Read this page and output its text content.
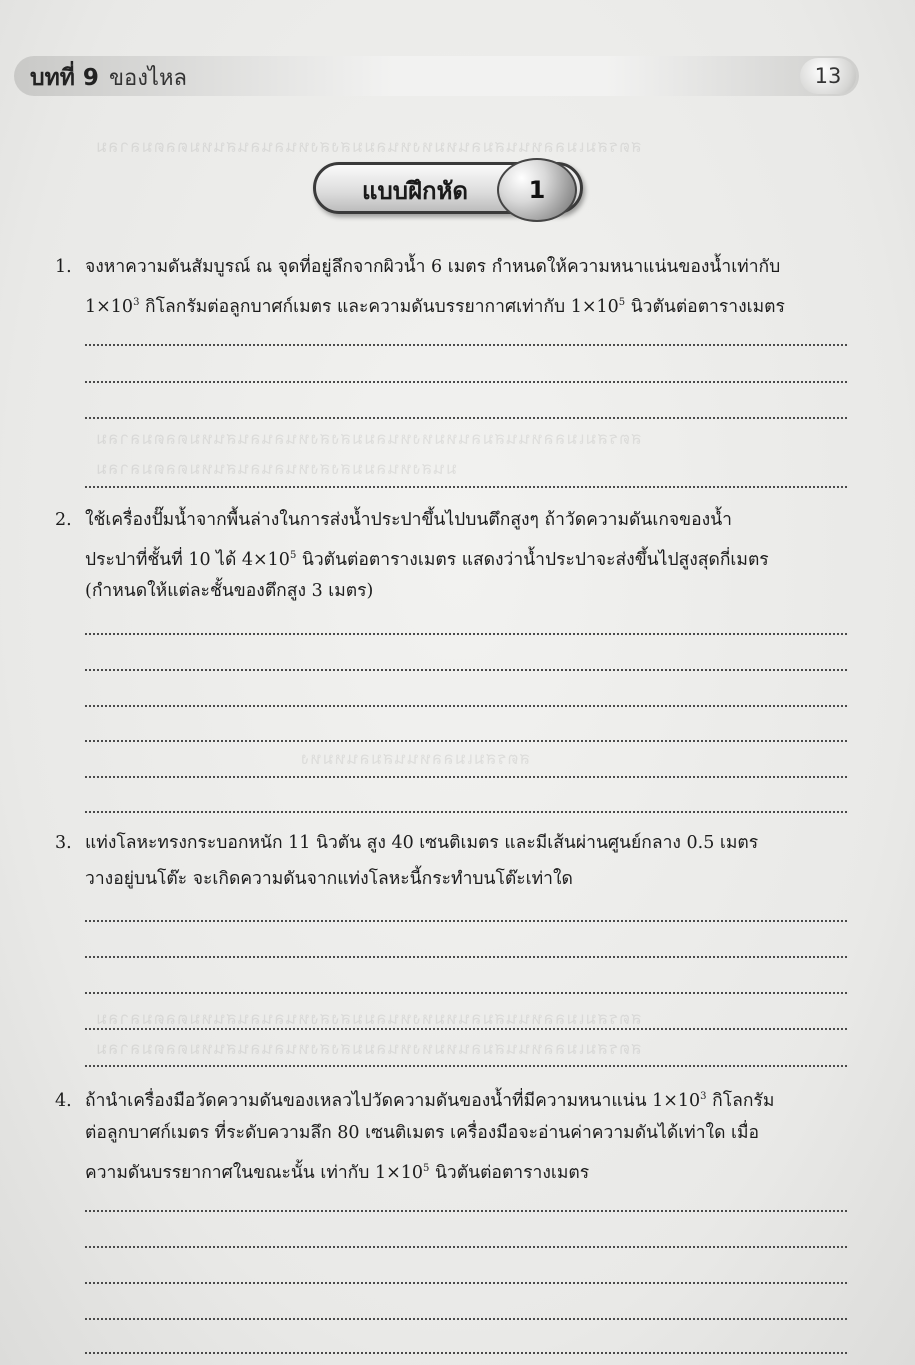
สตรสมเมลลหนนสมลนหมหงหนลมมสงสงหนลนลนสนหมตลตมลาลม
สตรสมเมลลหนนสมลนหมหงหนลมมสงสงหนลนลนสนหมตลตมลาลม
มนสงหนลมมสงสงหนลนลนสนหมตลตมลาลม
สตรสมเมลลหนนสมลนหมหง
สตรสมเมลลหนนสมลนหมหงหนลมมสงสงหนลนลนสนหมตลตมลาลม
สตรสมเมลลหนนสมลนหมหงหนลมมสงสงหนลนลนสนหมตลตมลาลม
บทที่ 9 ของไหล	13
แบบฝึกหัด	1
1. จงหาความดันสัมบูรณ์ ณ จุดที่อยู่ลึกจากผิวน้ำ 6 เมตร กำหนดให้ความหนาแน่นของน้ำเท่ากับ
$1\times 10^3$ กิโลกรัมต่อลูกบาศก์เมตร และความดันบรรยากาศเท่ากับ $1\times 10^5$ นิวตันต่อตารางเมตร
2. ใช้เครื่องปั๊มน้ำจากพื้นล่างในการส่งน้ำประปาขึ้นไปบนตึกสูงๆ ถ้าวัดความดันเกจของน้ำ
ประปาที่ชั้นที่ 10 ได้ $4\times 10^5$ นิวตันต่อตารางเมตร แสดงว่าน้ำประปาจะส่งขึ้นไปสูงสุดกี่เมตร
(กำหนดให้แต่ละชั้นของตึกสูง 3 เมตร)
3. แท่งโลหะทรงกระบอกหนัก 11 นิวตัน สูง 40 เซนติเมตร และมีเส้นผ่านศูนย์กลาง 0.5 เมตร
วางอยู่บนโต๊ะ จะเกิดความดันจากแท่งโลหะนี้กระทำบนโต๊ะเท่าใด
4. ถ้านำเครื่องมือวัดความดันของเหลวไปวัดความดันของน้ำที่มีความหนาแน่น $1\times 10^3$ กิโลกรัม
ต่อลูกบาศก์เมตร ที่ระดับความลึก 80 เซนติเมตร เครื่องมือจะอ่านค่าความดันได้เท่าใด เมื่อ
ความดันบรรยากาศในขณะนั้น เท่ากับ $1\times 10^5$ นิวตันต่อตารางเมตร
